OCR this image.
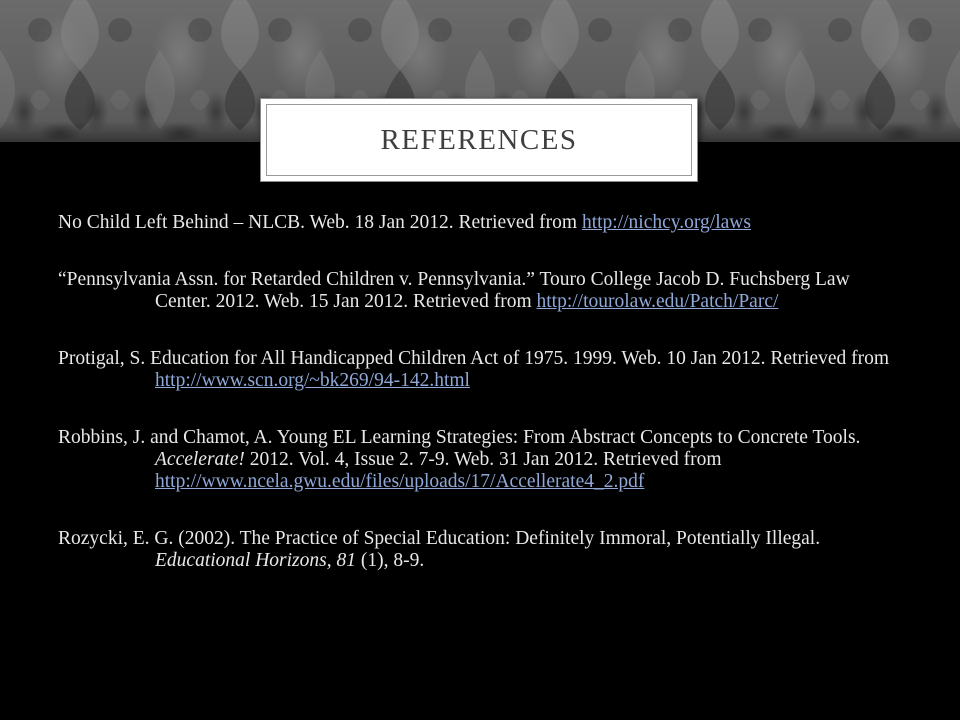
REFERENCES

No Child Left Behind – NLCB. Web. 18 Jan 2012. Retrieved from http://nichcy.org/laws

“Pennsylvania Assn. for Retarded Children v. Pennsylvania.” Touro College Jacob D. Fuchsberg Law Center. 2012. Web. 15 Jan 2012. Retrieved from http://tourolaw.edu/Patch/Parc/

Protigal, S. Education for All Handicapped Children Act of 1975. 1999. Web. 10 Jan 2012. Retrieved from http://www.scn.org/~bk269/94-142.html

Robbins, J. and Chamot, A. Young EL Learning Strategies: From Abstract Concepts to Concrete Tools. Accelerate! 2012. Vol. 4, Issue 2. 7-9. Web. 31 Jan 2012. Retrieved from http://www.ncela.gwu.edu/files/uploads/17/Accellerate4_2.pdf

Rozycki, E. G. (2002). The Practice of Special Education: Definitely Immoral, Potentially Illegal. Educational Horizons, 81 (1), 8-9.
